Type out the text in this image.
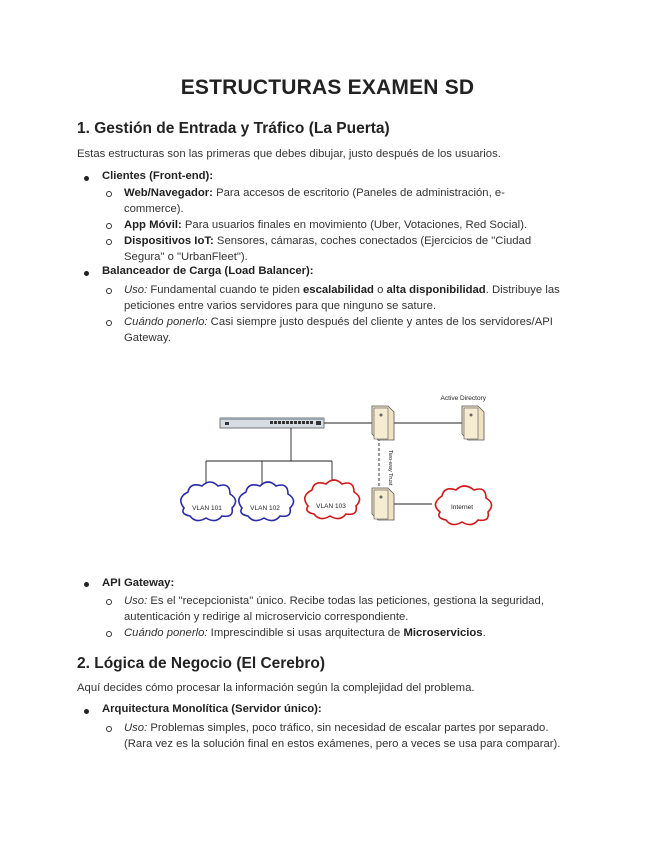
ESTRUCTURAS EXAMEN SD
1. Gestión de Entrada y Tráfico (La Puerta)

Estas estructuras son las primeras que debes dibujar, justo después de los usuarios.

Clientes (Front-end):
Web/Navegador: Para accesos de escritorio (Paneles de administración, e-commerce).
App Móvil: Para usuarios finales en movimiento (Uber, Votaciones, Red Social).
Dispositivos IoT: Sensores, cámaras, coches conectados (Ejercicios de "Ciudad Segura" o "UrbanFleet").
Balanceador de Carga (Load Balancer):
Uso: Fundamental cuando te piden escalabilidad o alta disponibilidad. Distribuye las peticiones entre varios servidores para que ninguno se sature.
Cuándo ponerlo: Casi siempre justo después del cliente y antes de los servidores/API Gateway.
Active Directory
Two-way Trust
VLAN 101	VLAN 102	VLAN 103	Internet
API Gateway:
Uso: Es el "recepcionista" único. Recibe todas las peticiones, gestiona la seguridad, autenticación y redirige al microservicio correspondiente.
Cuándo ponerlo: Imprescindible si usas arquitectura de Microservicios.
2. Lógica de Negocio (El Cerebro)

Aquí decides cómo procesar la información según la complejidad del problema.

Arquitectura Monolítica (Servidor único):
Uso: Problemas simples, poco tráfico, sin necesidad de escalar partes por separado. (Rara vez es la solución final en estos exámenes, pero a veces se usa para comparar).
